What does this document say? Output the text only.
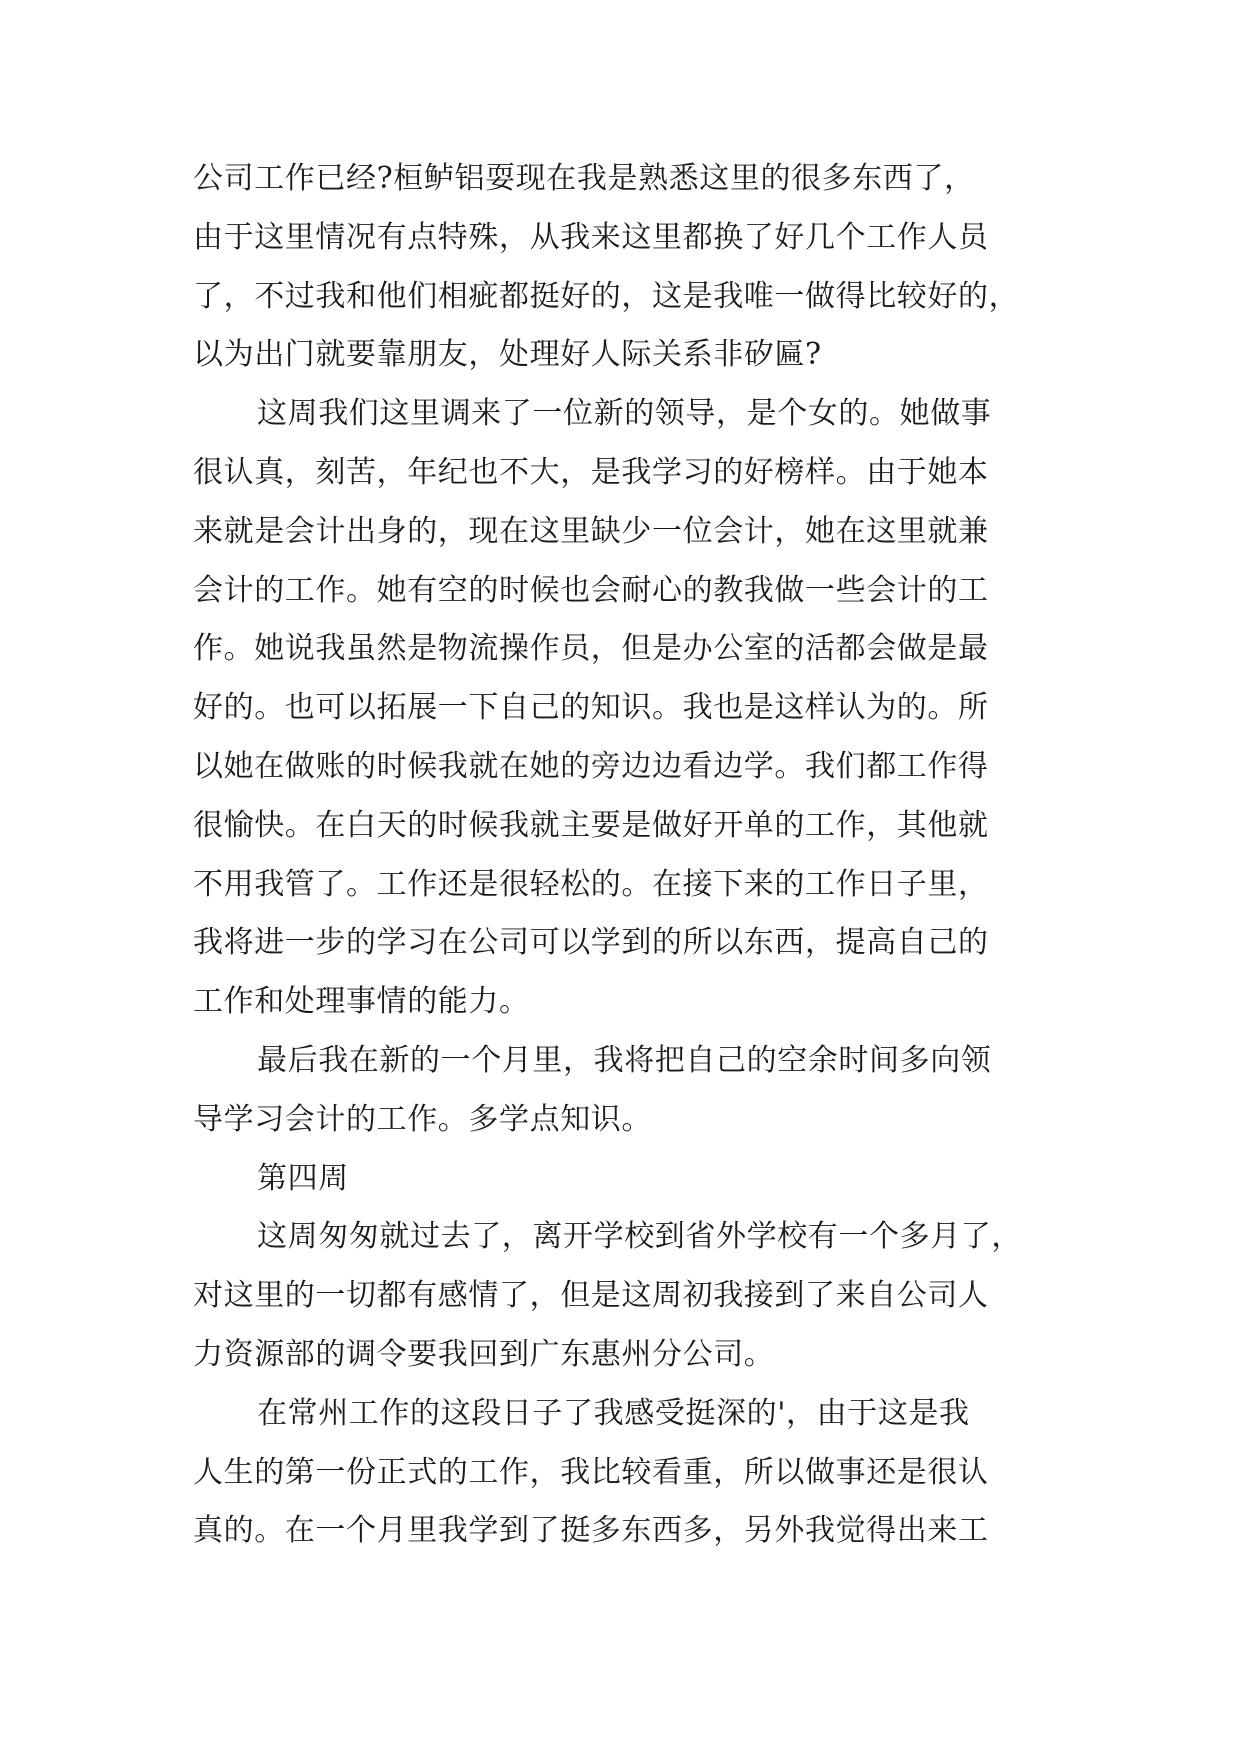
公司工作已经?桓鲈铝耍现在我是熟悉这里的很多东西了，
由于这里情况有点特殊，从我来这里都换了好几个工作人员
了，不过我和他们相疵都挺好的，这是我唯一做得比较好的，
以为出门就要靠朋友，处理好人际关系非矽匾?
这周我们这里调来了一位新的领导，是个女的。她做事
很认真，刻苦，年纪也不大，是我学习的好榜样。由于她本
来就是会计出身的，现在这里缺少一位会计，她在这里就兼
会计的工作。她有空的时候也会耐心的教我做一些会计的工
作。她说我虽然是物流操作员，但是办公室的活都会做是最
好的。也可以拓展一下自己的知识。我也是这样认为的。所
以她在做账的时候我就在她的旁边边看边学。我们都工作得
很愉快。在白天的时候我就主要是做好开单的工作，其他就
不用我管了。工作还是很轻松的。在接下来的工作日子里，
我将进一步的学习在公司可以学到的所以东西，提高自己的
工作和处理事情的能力。
最后我在新的一个月里，我将把自己的空余时间多向领
导学习会计的工作。多学点知识。
第四周
这周匆匆就过去了，离开学校到省外学校有一个多月了，
对这里的一切都有感情了，但是这周初我接到了来自公司人
力资源部的调令要我回到广东惠州分公司。
在常州工作的这段日子了我感受挺深的'，由于这是我
人生的第一份正式的工作，我比较看重，所以做事还是很认
真的。在一个月里我学到了挺多东西多，另外我觉得出来工
